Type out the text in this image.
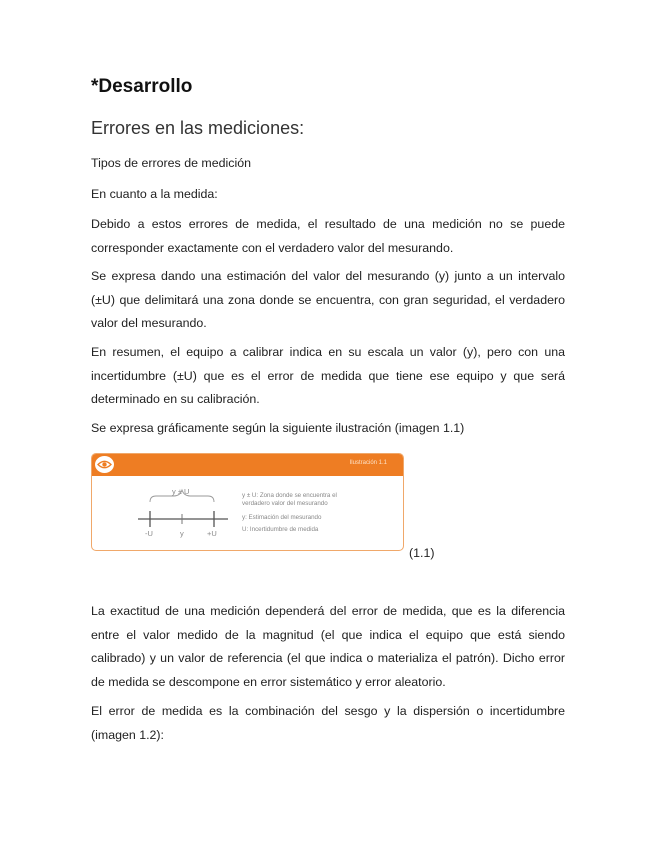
*Desarrollo
Errores en las mediciones:

Tipos de errores de medición

En cuanto a la medida:

Debido a estos errores de medida, el resultado de una medición no se puede corresponder exactamente con el verdadero valor del mesurando.

Se expresa dando una estimación del valor del mesurando (y) junto a un intervalo (±U) que delimitará una zona donde se encuentra, con gran seguridad, el verdadero valor del mesurando.

En resumen, el equipo a calibrar indica en su escala un valor (y), pero con una incertidumbre (±U) que es el error de medida que tiene ese equipo y que será determinado en su calibración.

Se expresa gráficamente según la siguiente ilustración (imagen 1.1)

Ilustración 1.1
y ± U
-U	y	+U
y ± U: Zona donde se encuentra el verdadero valor del mesurando
y: Estimación del mesurando
U: Incertidumbre de medida
(1.1)

La exactitud de una medición dependerá del error de medida, que es la diferencia entre el valor medido de la magnitud (el que indica el equipo que está siendo calibrado) y un valor de referencia (el que indica o materializa el patrón). Dicho error de medida se descompone en error sistemático y error aleatorio.

El error de medida es la combinación del sesgo y la dispersión o incertidumbre (imagen 1.2):
